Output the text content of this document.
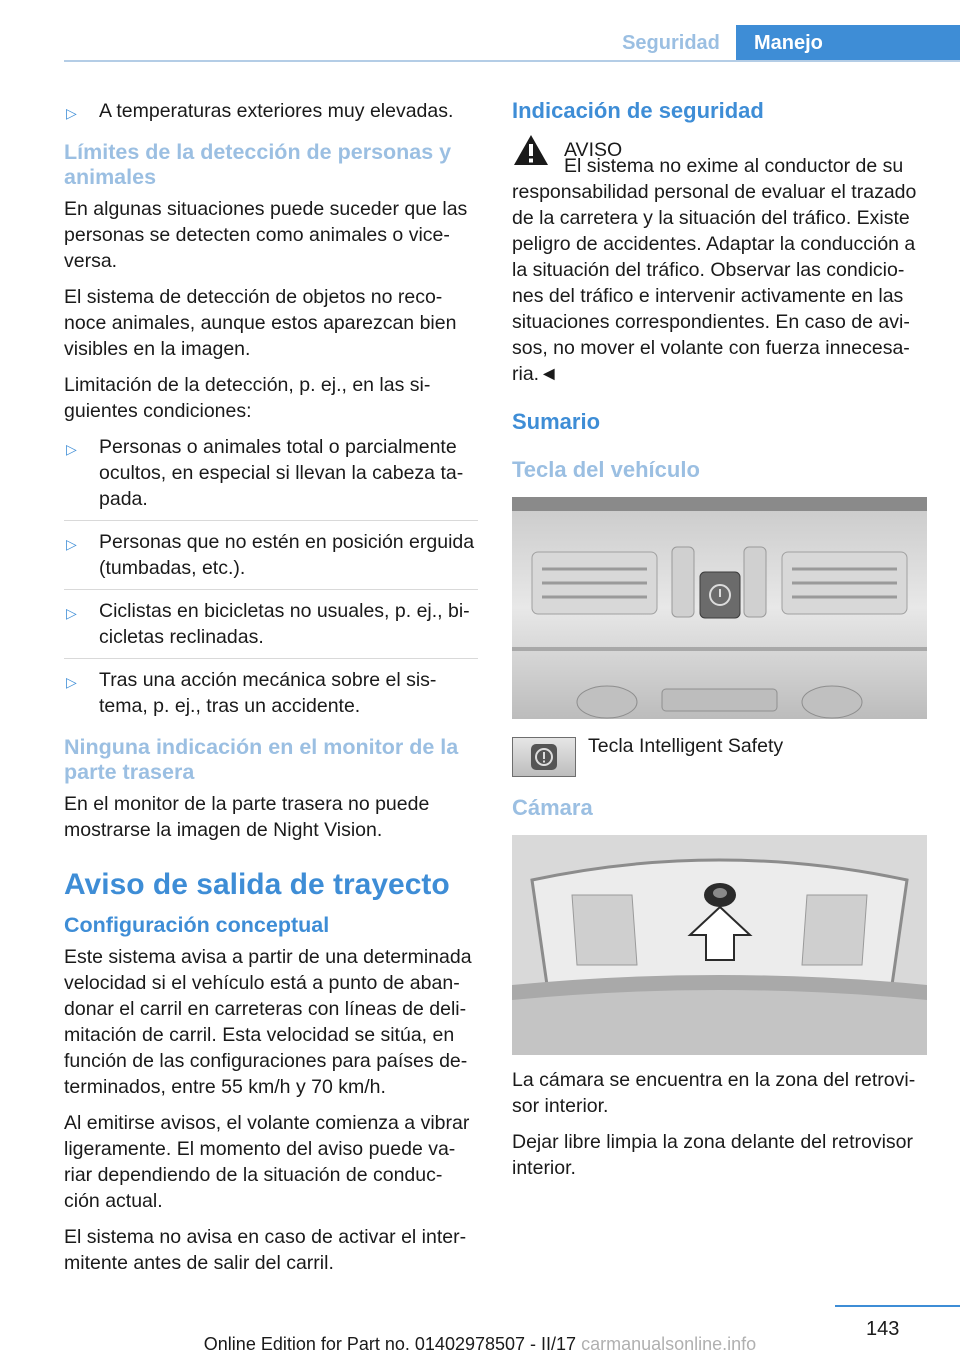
Seguridad	Manejo
▷ A temperaturas exteriores muy elevadas.
Límites de la detección de personas y animales

En algunas situaciones puede suceder que las personas se detecten como animales o vice-versa.

El sistema de detección de objetos no reco-noce animales, aunque estos aparezcan bien visibles en la imagen.

Limitación de la detección, p. ej., en las si-guientes condiciones:

▷ Personas o animales total o parcialmente ocultos, en especial si llevan la cabeza ta-pada.
▷ Personas que no estén en posición erguida (tumbadas, etc.).
▷ Ciclistas en bicicletas no usuales, p. ej., bi-cicletas reclinadas.
▷ Tras una acción mecánica sobre el sis-tema, p. ej., tras un accidente.
Ninguna indicación en el monitor de la parte trasera

En el monitor de la parte trasera no puede mostrarse la imagen de Night Vision.

Aviso de salida de trayecto
Configuración conceptual

Este sistema avisa a partir de una determinada velocidad si el vehículo está a punto de aban-donar el carril en carreteras con líneas de deli-mitación de carril. Esta velocidad se sitúa, en función de las configuraciones para países de-terminados, entre 55 km/h y 70 km/h.

Al emitirse avisos, el volante comienza a vibrar ligeramente. El momento del aviso puede va-riar dependiendo de la situación de conduc-ción actual.

El sistema no avisa en caso de activar el inter-mitente antes de salir del carril.

Indicación de seguridad
AVISO

El sistema no exime al conductor de su responsabilidad personal de evaluar el trazado de la carretera y la situación del tráfico. Existe peligro de accidentes. Adaptar la conducción a la situación del tráfico. Observar las condicio-nes del tráfico e intervenir activamente en las situaciones correspondientes. En caso de avi-sos, no mover el volante con fuerza innecesa-ria.◄

Sumario
Tecla del vehículo
Tecla Intelligent Safety
Cámara

La cámara se encuentra en la zona del retrovi-sor interior.

Dejar libre limpia la zona delante del retrovisor interior.

143
Online Edition for Part no. 01402978507 - II/17 carmanualsonline.info
